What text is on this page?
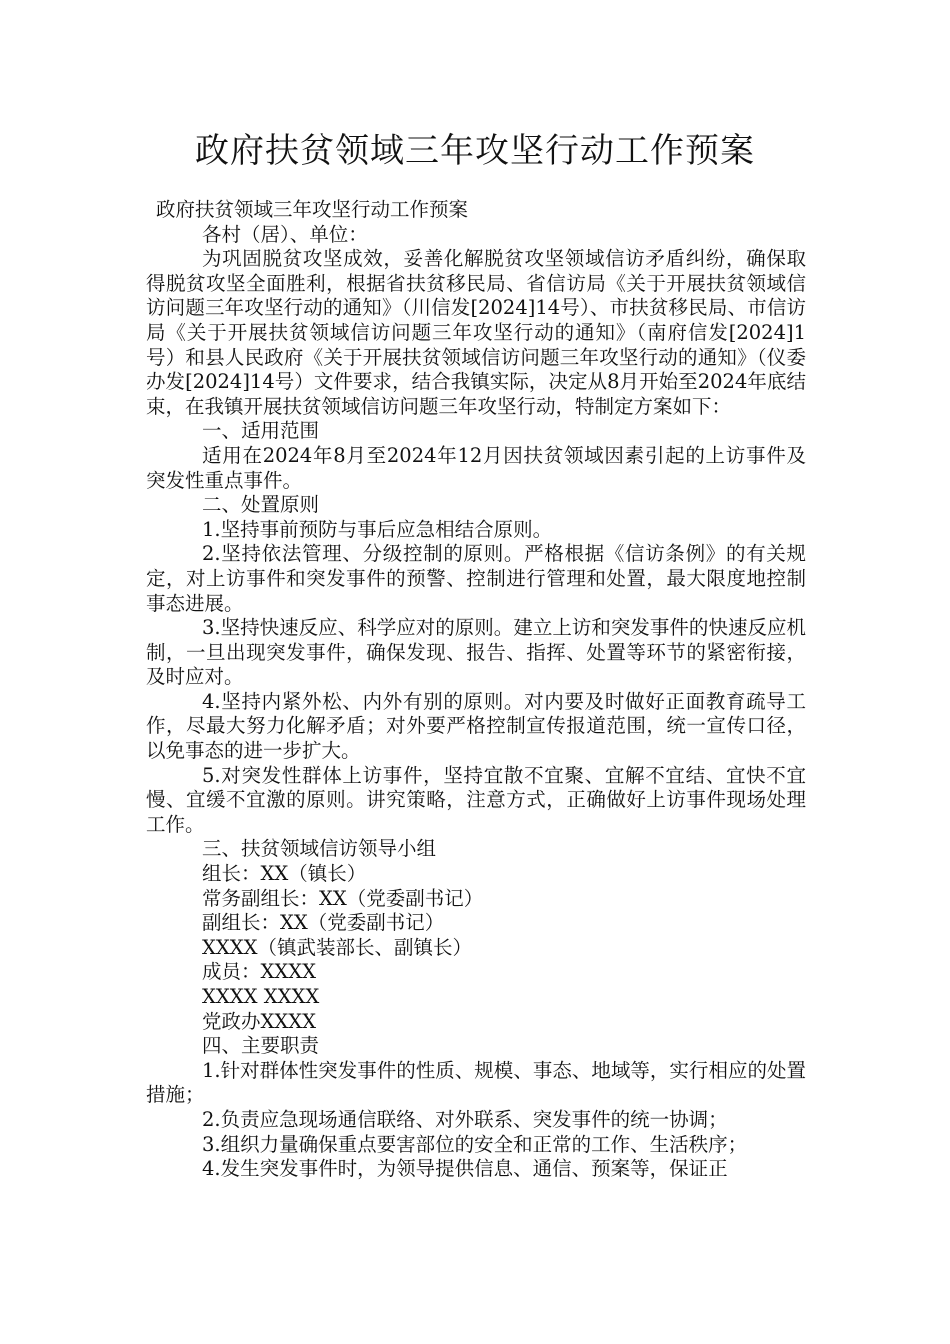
政府扶贫领域三年攻坚行动工作预案

政府扶贫领域三年攻坚行动工作预案

各村（居）、单位：

为巩固脱贫攻坚成效，妥善化解脱贫攻坚领域信访矛盾纠纷，确保取得脱贫攻坚全面胜利，根据省扶贫移民局、省信访局《关于开展扶贫领域信访问题三年攻坚行动的通知》（川信发[2024]14号）、市扶贫移民局、市信访局《关于开展扶贫领域信访问题三年攻坚行动的通知》（南府信发[2024]1号）和县人民政府《关于开展扶贫领域信访问题三年攻坚行动的通知》（仪委办发[2024]14号）文件要求，结合我镇实际，决定从8月开始至2024年底结束，在我镇开展扶贫领域信访问题三年攻坚行动，特制定方案如下：

一、适用范围

适用在2024年8月至2024年12月因扶贫领域因素引起的上访事件及突发性重点事件。

二、处置原则

1.坚持事前预防与事后应急相结合原则。

2.坚持依法管理、分级控制的原则。严格根据《信访条例》的有关规定，对上访事件和突发事件的预警、控制进行管理和处置，最大限度地控制事态进展。

3.坚持快速反应、科学应对的原则。建立上访和突发事件的快速反应机制，一旦出现突发事件，确保发现、报告、指挥、处置等环节的紧密衔接，及时应对。

4.坚持内紧外松、内外有别的原则。对内要及时做好正面教育疏导工作，尽最大努力化解矛盾；对外要严格控制宣传报道范围，统一宣传口径，以免事态的进一步扩大。

5.对突发性群体上访事件，坚持宜散不宜聚、宜解不宜结、宜快不宜慢、宜缓不宜激的原则。讲究策略，注意方式，正确做好上访事件现场处理工作。

三、扶贫领域信访领导小组

组长：XX（镇长）

常务副组长：XX（党委副书记）

副组长：XX（党委副书记）

XXXX（镇武装部长、副镇长）

成员：XXXX

XXXX XXXX

党政办XXXX

四、主要职责

1.针对群体性突发事件的性质、规模、事态、地域等，实行相应的处置措施；

2.负责应急现场通信联络、对外联系、突发事件的统一协调；

3.组织力量确保重点要害部位的安全和正常的工作、生活秩序；

4.发生突发事件时，为领导提供信息、通信、预案等，保证正
